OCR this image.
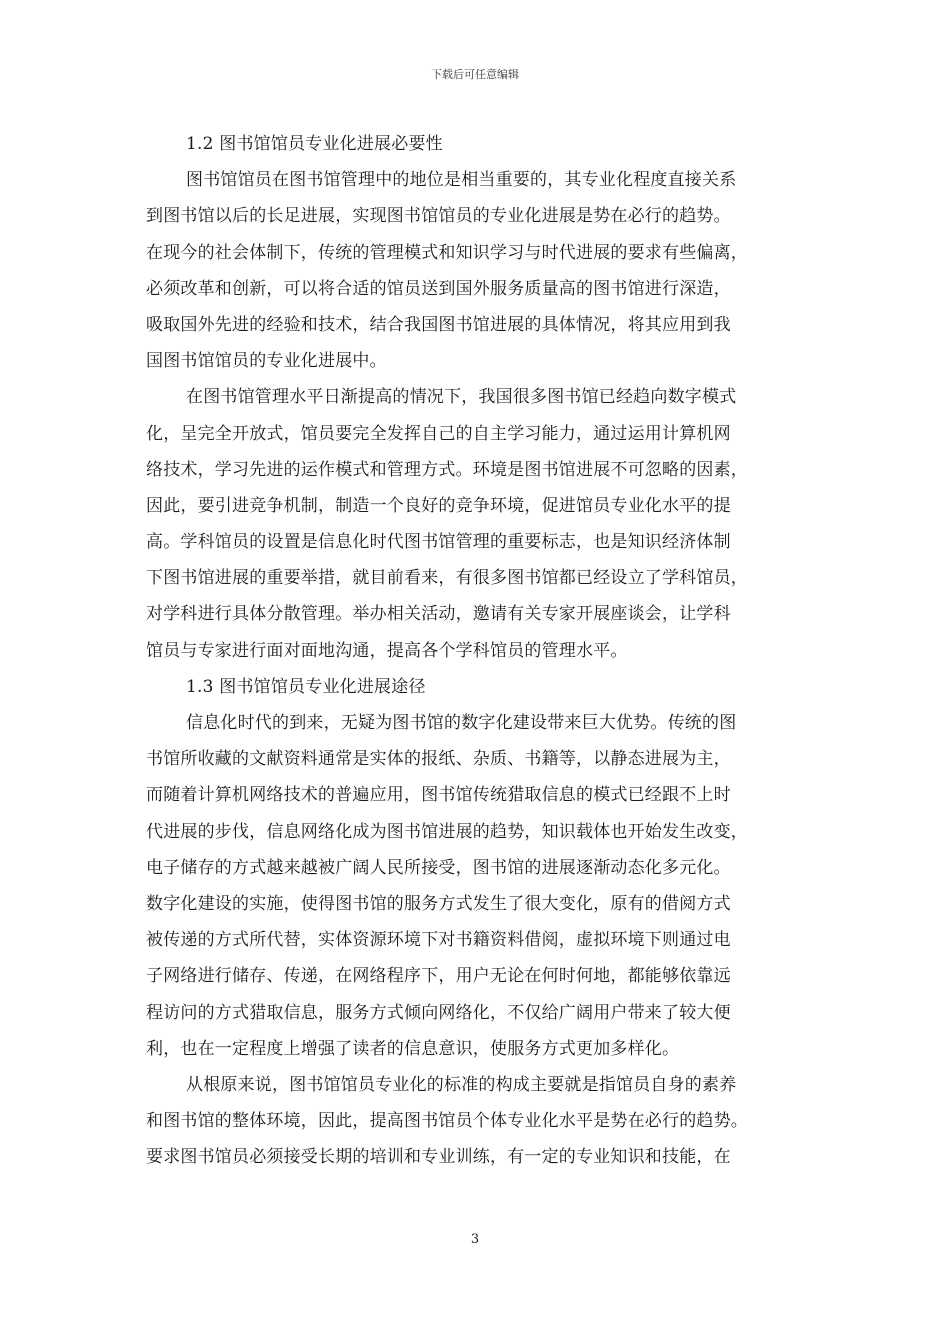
下载后可任意编辑
1.2 图书馆馆员专业化进展必要性
图书馆馆员在图书馆管理中的地位是相当重要的，其专业化程度直接关系
到图书馆以后的长足进展，实现图书馆馆员的专业化进展是势在必行的趋势。
在现今的社会体制下，传统的管理模式和知识学习与时代进展的要求有些偏离，
必须改革和创新，可以将合适的馆员送到国外服务质量高的图书馆进行深造，
吸取国外先进的经验和技术，结合我国图书馆进展的具体情况，将其应用到我
国图书馆馆员的专业化进展中。
在图书馆管理水平日渐提高的情况下，我国很多图书馆已经趋向数字模式
化，呈完全开放式，馆员要完全发挥自己的自主学习能力，通过运用计算机网
络技术，学习先进的运作模式和管理方式。环境是图书馆进展不可忽略的因素，
因此，要引进竞争机制，制造一个良好的竞争环境，促进馆员专业化水平的提
高。学科馆员的设置是信息化时代图书馆管理的重要标志，也是知识经济体制
下图书馆进展的重要举措，就目前看来，有很多图书馆都已经设立了学科馆员，
对学科进行具体分散管理。举办相关活动，邀请有关专家开展座谈会，让学科
馆员与专家进行面对面地沟通，提高各个学科馆员的管理水平。
1.3 图书馆馆员专业化进展途径
信息化时代的到来，无疑为图书馆的数字化建设带来巨大优势。传统的图
书馆所收藏的文献资料通常是实体的报纸、杂质、书籍等，以静态进展为主，
而随着计算机网络技术的普遍应用，图书馆传统猎取信息的模式已经跟不上时
代进展的步伐，信息网络化成为图书馆进展的趋势，知识载体也开始发生改变，
电子储存的方式越来越被广阔人民所接受，图书馆的进展逐渐动态化多元化。
数字化建设的实施，使得图书馆的服务方式发生了很大变化，原有的借阅方式
被传递的方式所代替，实体资源环境下对书籍资料借阅，虚拟环境下则通过电
子网络进行储存、传递，在网络程序下，用户无论在何时何地，都能够依靠远
程访问的方式猎取信息，服务方式倾向网络化，不仅给广阔用户带来了较大便
利，也在一定程度上增强了读者的信息意识，使服务方式更加多样化。
从根原来说，图书馆馆员专业化的标准的构成主要就是指馆员自身的素养
和图书馆的整体环境，因此，提高图书馆员个体专业化水平是势在必行的趋势。
要求图书馆员必须接受长期的培训和专业训练，有一定的专业知识和技能，在
3
